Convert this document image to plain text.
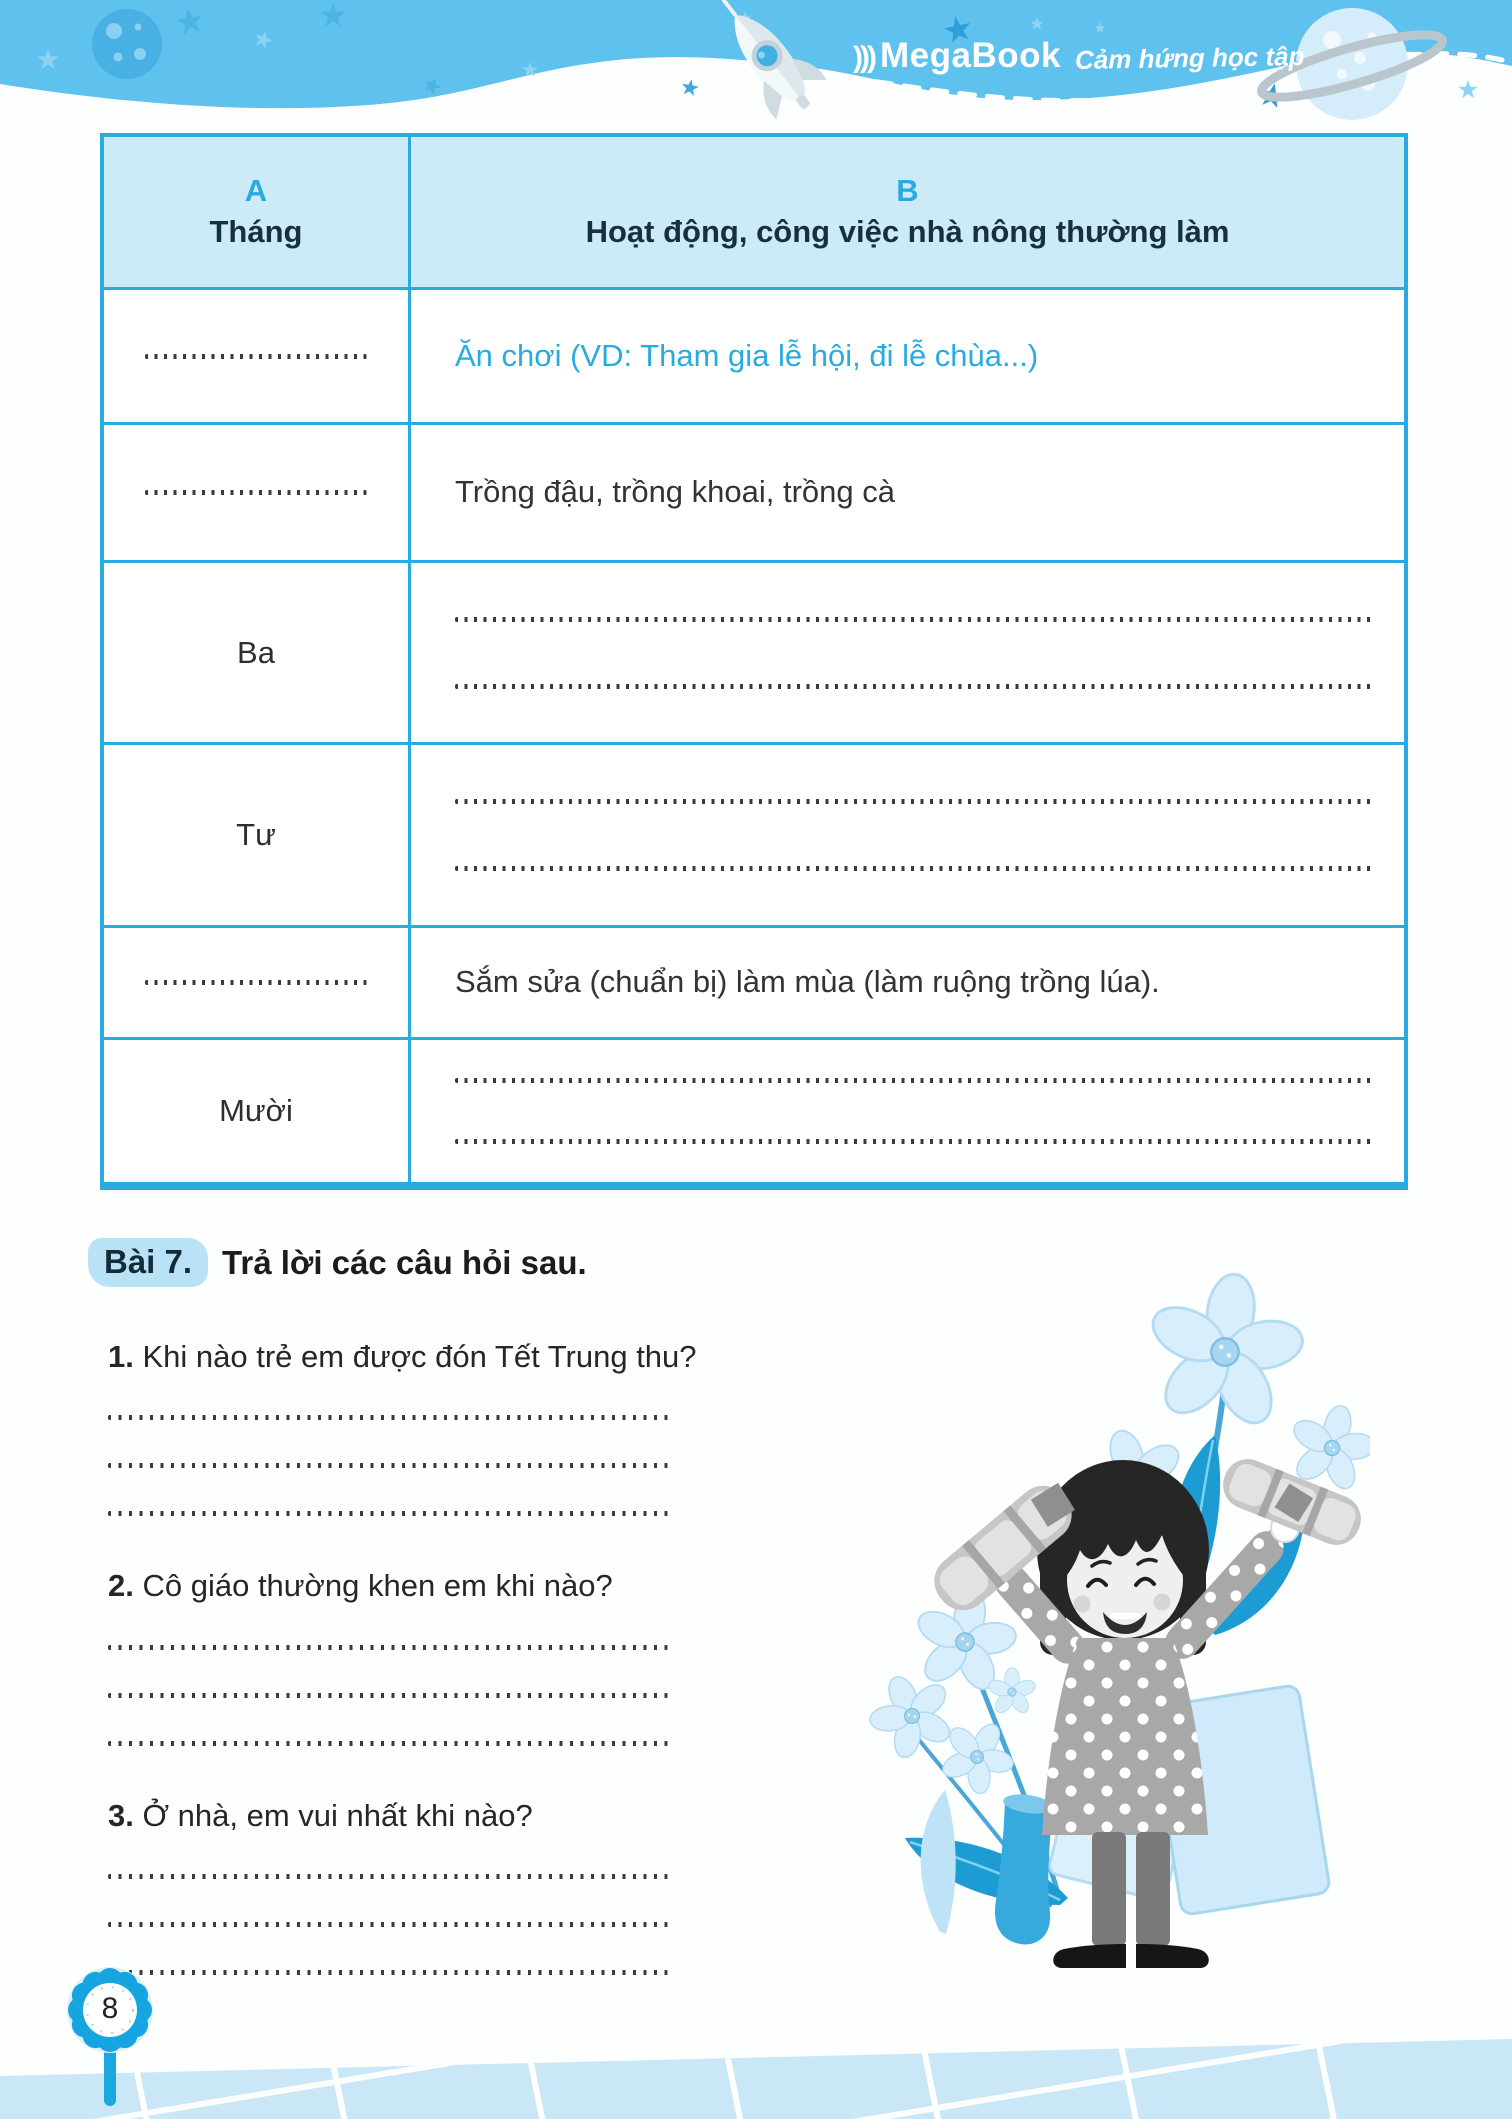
))) MegaBook Cảm hứng học tập
A
Tháng
B
Hoạt động, công việc nhà nông thường làm
Ăn chơi (VD: Tham gia lễ hội, đi lễ chùa...)
Trồng đậu, trồng khoai, trồng cà
Ba
Tư
Sắm sửa (chuẩn bị) làm mùa (làm ruộng trồng lúa).
Mười
Bài 7. Trả lời các câu hỏi sau.

1. Khi nào trẻ em được đón Tết Trung thu?

2. Cô giáo thường khen em khi nào?

3. Ở nhà, em vui nhất khi nào?

8
